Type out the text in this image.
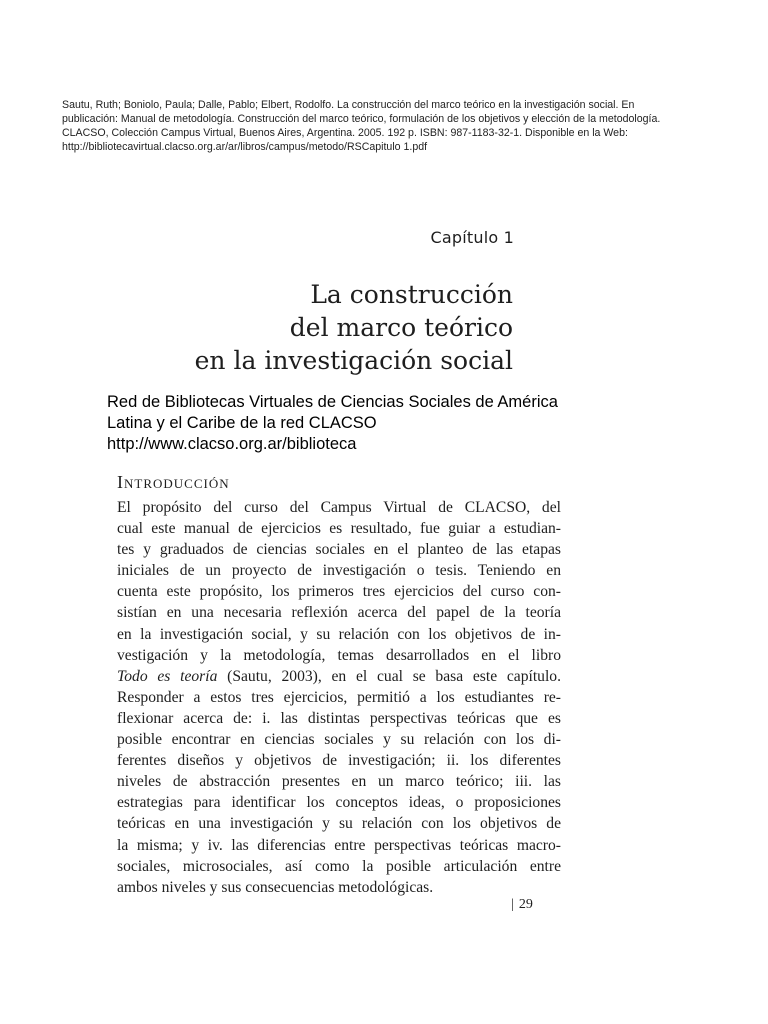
Sautu, Ruth; Boniolo, Paula; Dalle, Pablo; Elbert, Rodolfo. La construcción del marco teórico en la investigación social. En
publicación: Manual de metodología. Construcción del marco teórico, formulación de los objetivos y elección de la metodología.
CLACSO, Colección Campus Virtual, Buenos Aires, Argentina. 2005. 192 p. ISBN: 987-1183-32-1. Disponible en la Web:
http://bibliotecavirtual.clacso.org.ar/ar/libros/campus/metodo/RSCapitulo 1.pdf
Capítulo 1
La construcción
del marco teórico
en la investigación social
Red de Bibliotecas Virtuales de Ciencias Sociales de América
Latina y el Caribe de la red CLACSO
http://www.clacso.org.ar/biblioteca
Introducción
El propósito del curso del Campus Virtual de CLACSO, del
cual este manual de ejercicios es resultado, fue guiar a estudian-
tes y graduados de ciencias sociales en el planteo de las etapas
iniciales de un proyecto de investigación o tesis. Teniendo en
cuenta este propósito, los primeros tres ejercicios del curso con-
sistían en una necesaria reflexión acerca del papel de la teoría
en la investigación social, y su relación con los objetivos de in-
vestigación y la metodología, temas desarrollados en el libro
Todo es teoría (Sautu, 2003), en el cual se basa este capítulo.
Responder a estos tres ejercicios, permitió a los estudiantes re-
flexionar acerca de: i. las distintas perspectivas teóricas que es
posible encontrar en ciencias sociales y su relación con los di-
ferentes diseños y objetivos de investigación; ii. los diferentes
niveles de abstracción presentes en un marco teórico; iii. las
estrategias para identificar los conceptos ideas, o proposiciones
teóricas en una investigación y su relación con los objetivos de
la misma; y iv. las diferencias entre perspectivas teóricas macro-
sociales, microsociales, así como la posible articulación entre
ambos niveles y sus consecuencias metodológicas.
| 29
